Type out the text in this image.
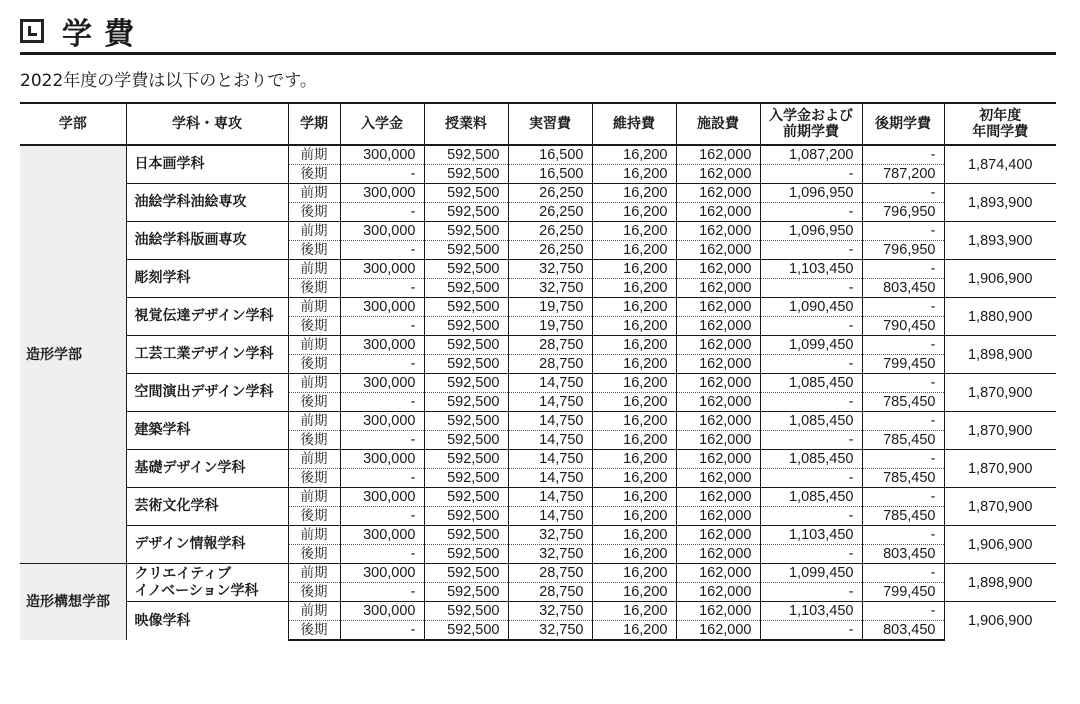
学費
2022年度の学費は以下のとおりです。
学部	学科・専攻	学期	入学金	授業料	実習費	維持費	施設費	入学金および
前期学費	後期学費	初年度
年間学費
造形学部	日本画学科	前期	300,000	592,500	16,500	16,200	162,000	1,087,200	-	1,874,400
		後期	-	592,500	16,500	16,200	162,000	-	787,200	
	油絵学科油絵専攻	前期	300,000	592,500	26,250	16,200	162,000	1,096,950	-	1,893,900
		後期	-	592,500	26,250	16,200	162,000	-	796,950	
	油絵学科版画専攻	前期	300,000	592,500	26,250	16,200	162,000	1,096,950	-	1,893,900
		後期	-	592,500	26,250	16,200	162,000	-	796,950	
	彫刻学科	前期	300,000	592,500	32,750	16,200	162,000	1,103,450	-	1,906,900
		後期	-	592,500	32,750	16,200	162,000	-	803,450	
	視覚伝達デザイン学科	前期	300,000	592,500	19,750	16,200	162,000	1,090,450	-	1,880,900
		後期	-	592,500	19,750	16,200	162,000	-	790,450	
	工芸工業デザイン学科	前期	300,000	592,500	28,750	16,200	162,000	1,099,450	-	1,898,900
		後期	-	592,500	28,750	16,200	162,000	-	799,450	
	空間演出デザイン学科	前期	300,000	592,500	14,750	16,200	162,000	1,085,450	-	1,870,900
		後期	-	592,500	14,750	16,200	162,000	-	785,450	
	建築学科	前期	300,000	592,500	14,750	16,200	162,000	1,085,450	-	1,870,900
		後期	-	592,500	14,750	16,200	162,000	-	785,450	
	基礎デザイン学科	前期	300,000	592,500	14,750	16,200	162,000	1,085,450	-	1,870,900
		後期	-	592,500	14,750	16,200	162,000	-	785,450	
	芸術文化学科	前期	300,000	592,500	14,750	16,200	162,000	1,085,450	-	1,870,900
		後期	-	592,500	14,750	16,200	162,000	-	785,450	
	デザイン情報学科	前期	300,000	592,500	32,750	16,200	162,000	1,103,450	-	1,906,900
		後期	-	592,500	32,750	16,200	162,000	-	803,450	
造形構想学部	クリエイティブ
イノベーション学科	前期	300,000	592,500	28,750	16,200	162,000	1,099,450	-	1,898,900
		後期	-	592,500	28,750	16,200	162,000	-	799,450	
	映像学科	前期	300,000	592,500	32,750	16,200	162,000	1,103,450	-	1,906,900
		後期	-	592,500	32,750	16,200	162,000	-	803,450	
